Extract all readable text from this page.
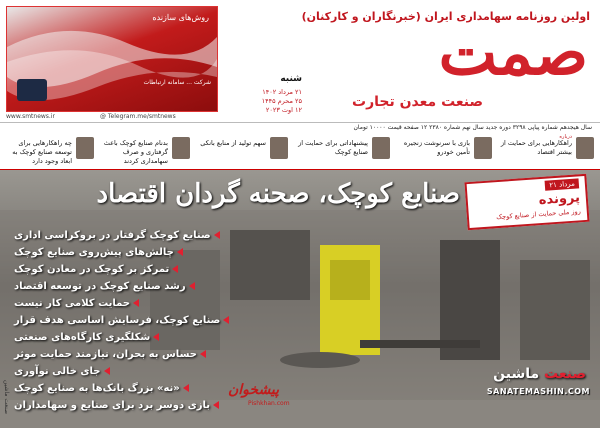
روش‌های سازنده
شرکت ... سامانه ارتباطات
www.smtnews.ir	@ Telegram.me/smtnews
اولین روزنامه سهامداری ایران (خبرنگاران و کارکنان)
صمت
صنعت معدن تجارت
شنبه
۲۱ مرداد ۱۴۰۲
۲۵ محرم ۱۴۴۵
۱۲ اوت ۲۰۲۳
سال هیجدهم شماره پیاپی ۳۲۹۸ دوره جدید سال نهم شماره ۲۳۸۰ ۱۲ صفحه قیمت ۱۰۰۰۰ تومان
درباره
راهکارهایی برای حمایت از بیشتر اقتصاد
بازی با سرنوشت زنجیره تأمین خودرو
پیشنهاداتی برای حمایت از صنایع کوچک
سهم تولید از منابع بانکی
بدنام صنایع کوچک باعث گرفتاری و صرف سهامداری کردند
چه راهکارهایی برای توسعه صنایع کوچک به ابعاد وجود دارد
صنایع کوچک، صحنه گردان اقتصاد	۲۱ مرداد
پرونده
روز ملی حمایت از صنایع کوچک
صنایع کوچک گرفتار در بروکراسی اداری
چالش‌های پیش‌روی صنایع کوچک
تمرکز بر کوچک در معادن کوچک
رشد صنایع کوچک در توسعه اقتصاد
حمایت کلامی کار نیست
صنایع کوچک، فرسایش اساسی هدف قرار
شکلگیری کارگاه‌های صنعتی
حساس به بحران، نیازمند حمایت موثر
جای خالی نوآوری
«نه» بزرگ بانک‌ها به صنایع کوچک
بازی دوسر برد برای صنایع و سهامداران
صنعت ماشین	پیشخوان
Pishkhan.com
صنعت ماشین
SANATEMASHIN.COM
